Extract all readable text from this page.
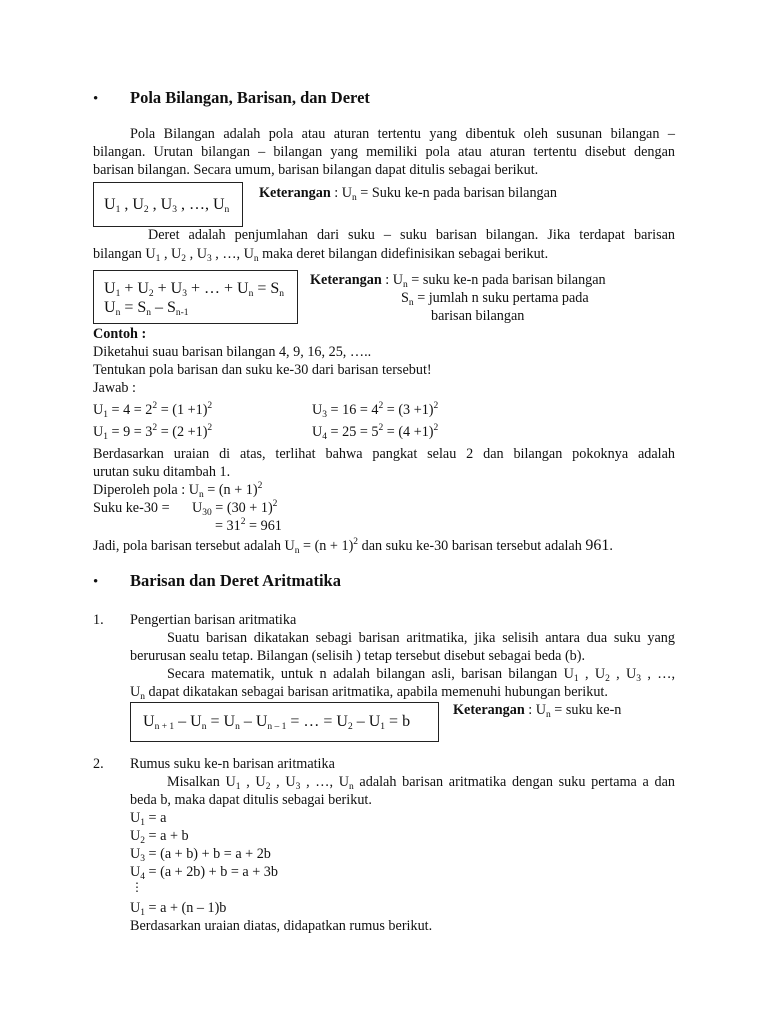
• Pola Bilangan, Barisan, dan Deret
Pola Bilangan adalah pola atau aturan tertentu yang dibentuk oleh susunan bilangan –
bilangan. Urutan bilangan – bilangan yang memiliki pola atau aturan tertentu disebut dengan
barisan bilangan. Secara umum, barisan bilangan dapat ditulis sebagai berikut.
$U_1$ , $U_2$ , $U_3$ , …, $U_n$
Keterangan : $U_n$ = Suku ke-n pada barisan bilangan
Deret adalah penjumlahan dari suku – suku barisan bilangan. Jika terdapat barisan
bilangan $U_1$ , $U_2$ , $U_3$ , …, $U_n$ maka deret bilangan didefinisikan sebagai berikut.
$U_1 + U_2 + U_3$ + … + $U_n = S_n$
$U_n = S_n - S_{n-1}$
Keterangan : $U_n$ = suku ke-n pada barisan bilangan
$S_n$ = jumlah n suku pertama pada
barisan bilangan
Contoh :
Diketahui suau barisan bilangan 4, 9, 16, 25, …..
Tentukan pola barisan dan suku ke-30 dari barisan tersebut!
Jawab :
$U_1 = 4 = 2^2 = (1 +1)^2$	$U_3 = 16 = 4^2 = (3 +1)^2$
$U_1 = 9 = 3^2 = (2 +1)^2$	$U_4 = 25 = 5^2 = (4 +1)^2$
Berdasarkan uraian di atas, terlihat bahwa pangkat selau 2 dan bilangan pokoknya adalah
urutan suku ditambah 1.
Diperoleh pola : $U_n = (n + 1)^2$
Suku $ke-30 = U_{30} = (30 + 1)^2$
= $31^2 = 961$
Jadi, pola barisan tersebut adalah $U_n = (n + 1)^2$ dan suku ke-30 barisan tersebut adalah 961.
• Barisan dan Deret Aritmatika
1. Pengertian barisan aritmatika
Suatu barisan dikatakan sebagi barisan aritmatika, jika selisih antara dua suku yang
berurusan sealu tetap. Bilangan (selisih ) tetap tersebut disebut sebagai beda (b).
Secara matematik, untuk n adalah bilangan asli, barisan bilangan $U_1$ , $U_2$ , $U_3$ , …,
$U_n$ dapat dikatakan sebagai barisan aritmatika, apabila memenuhi hubungan berikut.
$U_{n + 1} - U_n = U_n - U_{n - 1}$ = … = $U_2 - U_1 = b$
Keterangan : $U_n$ = suku ke-n
2. Rumus suku ke-n barisan aritmatika
Misalkan $U_1$ , $U_2$ , $U_3$ , …, $U_n$ adalah barisan aritmatika dengan suku pertama a dan
beda b, maka dapat ditulis sebagai berikut.
$U_1 = a$
$U_2 = a + b$
$U_3 = (a + b) + b = a + 2b$
$U_4 = (a + 2b) + b = a + 3b$
⋮
$U_1 = a + (n - 1)b$
Berdasarkan uraian diatas, didapatkan rumus berikut.
